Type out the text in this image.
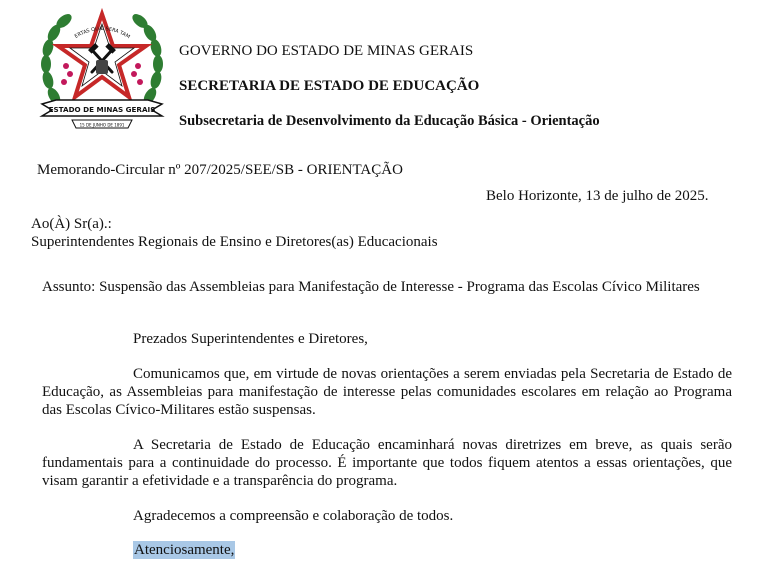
ERTAS QUÆ SERA TAM
ESTADO DE MINAS GERAIS
15 DE JUNHO DE 1891
GOVERNO DO ESTADO DE MINAS GERAIS
SECRETARIA DE ESTADO DE EDUCAÇÃO
Subsecretaria de Desenvolvimento da Educação Básica - Orientação
Memorando-Circular nº 207/2025/SEE/SB - ORIENTAÇÃO
Belo Horizonte, 13 de julho de 2025.
Ao(À) Sr(a).:
Superintendentes Regionais de Ensino e Diretores(as) Educacionais
Assunto: Suspensão das Assembleias para Manifestação de Interesse - Programa das Escolas Cívico Militares
Prezados Superintendentes e Diretores,
Comunicamos que, em virtude de novas orientações a serem enviadas pela Secretaria de Estado de Educação, as Assembleias para manifestação de interesse pelas comunidades escolares em relação ao Programa das Escolas Cívico-Militares estão suspensas.
A Secretaria de Estado de Educação encaminhará novas diretrizes em breve, as quais serão fundamentais para a continuidade do processo. É importante que todos fiquem atentos a essas orientações, que visam garantir a efetividade e a transparência do programa.
Agradecemos a compreensão e colaboração de todos.
Atenciosamente,
